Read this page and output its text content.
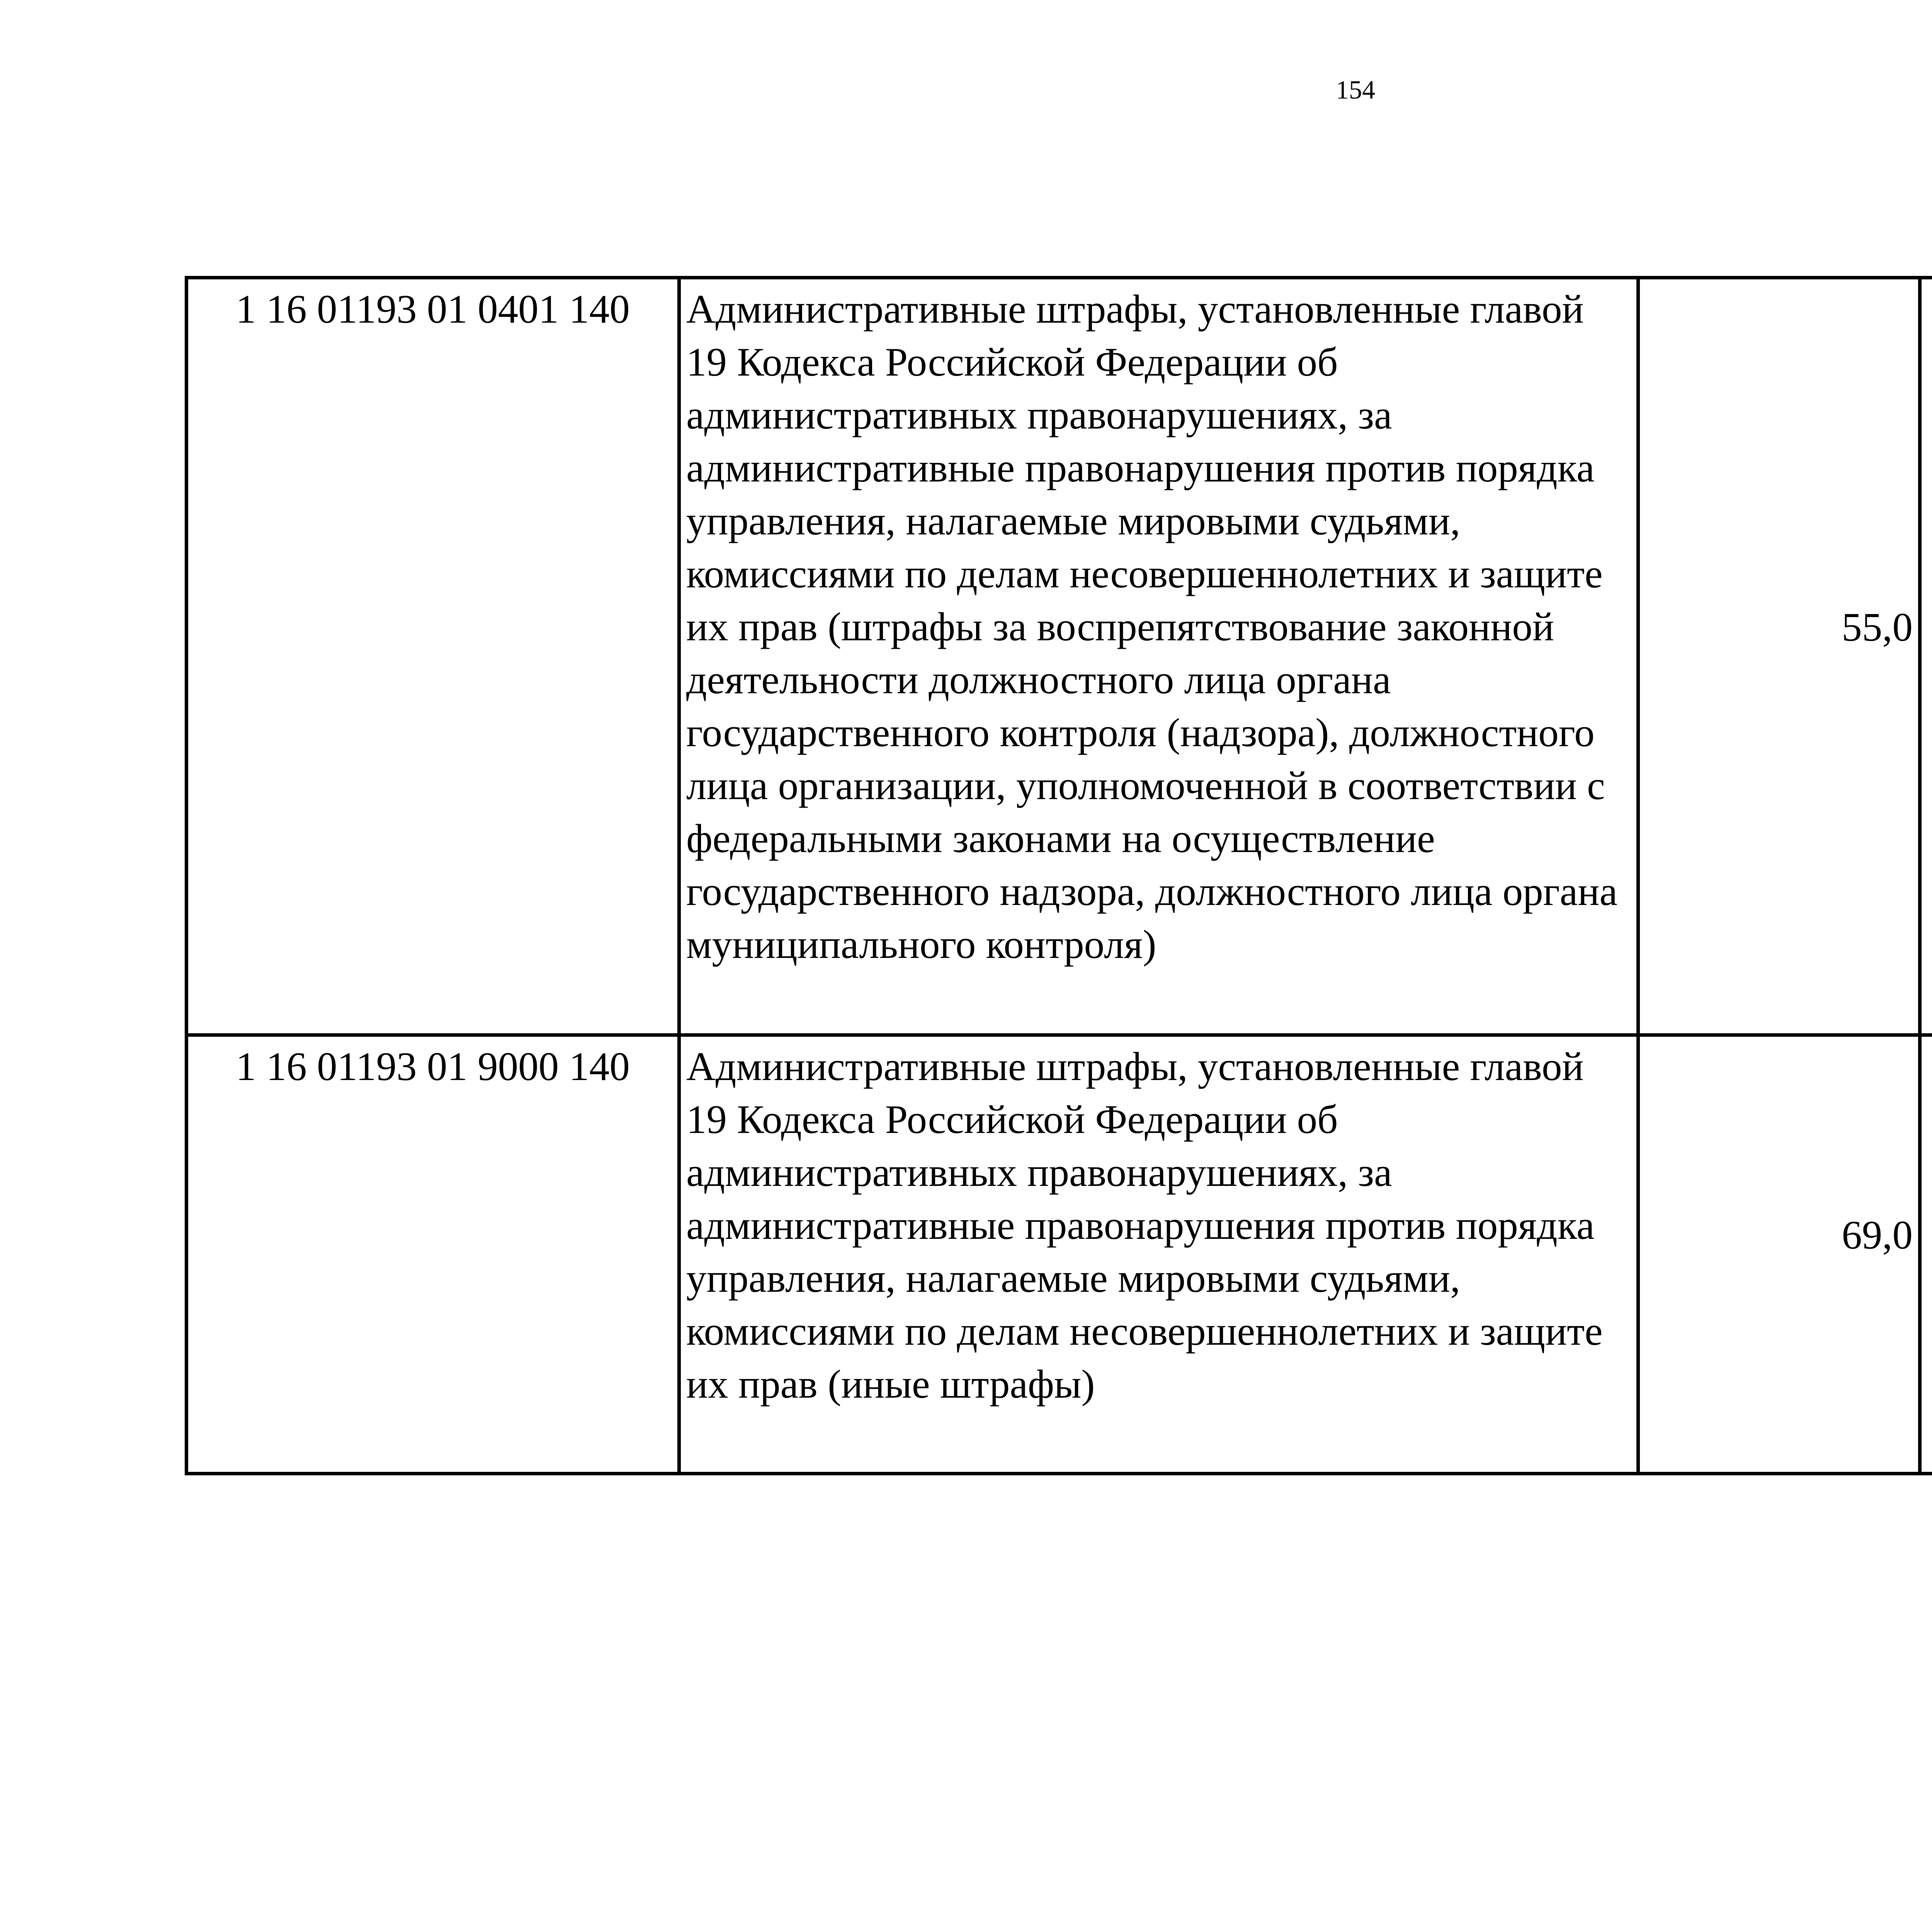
154
1 16 01193 01 0401 140	Административные штрафы, установленные главой 19 Кодекса Российской Федерации об административных правонарушениях, за административные правонарушения против порядка управления, налагаемые мировыми судьями, комиссиями по делам несовершеннолетних и защите их прав (штрафы за воспрепятствование законной деятельности должностного лица органа государственного контроля (надзора), должностного лица организации, уполномоченной в соответствии с федеральными законами на осуществление государственного надзора, должностного лица органа муниципального контроля)	55,0		
1 16 01193 01 9000 140	Административные штрафы, установленные главой 19 Кодекса Российской Федерации об административных правонарушениях, за административные правонарушения против порядка управления, налагаемые мировыми судьями, комиссиями по делам несовершеннолетних и защите их прав (иные штрафы)	69,0		
